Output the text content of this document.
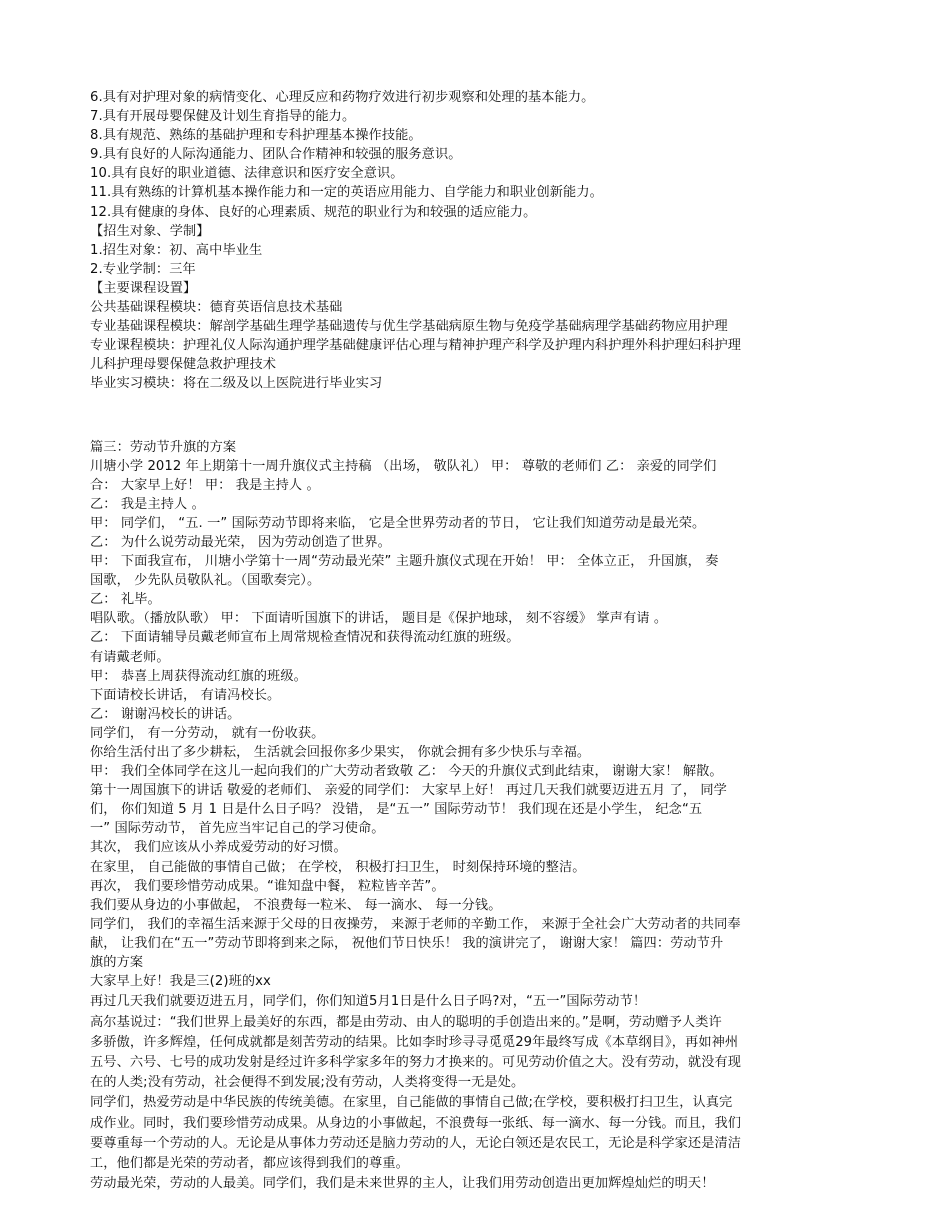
6.具有对护理对象的病情变化、心理反应和药物疗效进行初步观察和处理的基本能力。
7.具有开展母婴保健及计划生育指导的能力。
8.具有规范、熟练的基础护理和专科护理基本操作技能。
9.具有良好的人际沟通能力、团队合作精神和较强的服务意识。
10.具有良好的职业道德、法律意识和医疗安全意识。
11.具有熟练的计算机基本操作能力和一定的英语应用能力、自学能力和职业创新能力。
12.具有健康的身体、良好的心理素质、规范的职业行为和较强的适应能力。
【招生对象、学制】
1.招生对象：初、高中毕业生
2.专业学制：三年
【主要课程设置】
公共基础课程模块：德育英语信息技术基础
专业基础课程模块：解剖学基础生理学基础遗传与优生学基础病原生物与免疫学基础病理学基础药物应用护理
专业课程模块：护理礼仪人际沟通护理学基础健康评估心理与精神护理产科学及护理内科护理外科护理妇科护理
儿科护理母婴保健急救护理技术
毕业实习模块：将在二级及以上医院进行毕业实习
篇三：劳动节升旗的方案
川塘小学 2012 年上期第十一周升旗仪式主持稿 （出场， 敬队礼） 甲： 尊敬的老师们 乙： 亲爱的同学们
合： 大家早上好！ 甲： 我是主持人 。
乙： 我是主持人 。
甲： 同学们， “五. 一” 国际劳动节即将来临， 它是全世界劳动者的节日， 它让我们知道劳动是最光荣。
乙： 为什么说劳动最光荣， 因为劳动创造了世界。
甲： 下面我宣布， 川塘小学第十一周“劳动最光荣” 主题升旗仪式现在开始！ 甲： 全体立正， 升国旗， 奏
国歌， 少先队员敬队礼。（国歌奏完）。
乙： 礼毕。
唱队歌。（播放队歌） 甲： 下面请听国旗下的讲话， 题目是《保护地球， 刻不容缓》 掌声有请 。
乙： 下面请辅导员戴老师宣布上周常规检查情况和获得流动红旗的班级。
有请戴老师。
甲： 恭喜上周获得流动红旗的班级。
下面请校长讲话， 有请冯校长。
乙： 谢谢冯校长的讲话。
同学们， 有一分劳动， 就有一份收获。
你给生活付出了多少耕耘， 生活就会回报你多少果实， 你就会拥有多少快乐与幸福。
甲： 我们全体同学在这儿一起向我们的广大劳动者致敬 乙： 今天的升旗仪式到此结束， 谢谢大家！ 解散。
第十一周国旗下的讲话 敬爱的老师们、 亲爱的同学们： 大家早上好！ 再过几天我们就要迈进五月 了， 同学
们， 你们知道 5 月 1 日是什么日子吗？ 没错， 是“五一” 国际劳动节！ 我们现在还是小学生， 纪念“五
一” 国际劳动节， 首先应当牢记自己的学习使命。
其次， 我们应该从小养成爱劳动的好习惯。
在家里， 自己能做的事情自己做； 在学校， 积极打扫卫生， 时刻保持环境的整洁。
再次， 我们要珍惜劳动成果。“谁知盘中餐， 粒粒皆辛苦”。
我们要从身边的小事做起， 不浪费每一粒米、 每一滴水、 每一分钱。
同学们， 我们的幸福生活来源于父母的日夜操劳， 来源于老师的辛勤工作， 来源于全社会广大劳动者的共同奉
献， 让我们在“五一”劳动节即将到来之际， 祝他们节日快乐！ 我的演讲完了， 谢谢大家！ 篇四：劳动节升
旗的方案
大家早上好！我是三(2)班的xx
再过几天我们就要迈进五月，同学们，你们知道5月1日是什么日子吗?对，“五一”国际劳动节！
高尔基说过：“我们世界上最美好的东西，都是由劳动、由人的聪明的手创造出来的。”是啊，劳动赠予人类许
多骄傲，许多辉煌，任何成就都是刻苦劳动的结果。比如李时珍寻寻觅觅29年最终写成《本草纲目》，再如神州
五号、六号、七号的成功发射是经过许多科学家多年的努力才换来的。可见劳动价值之大。没有劳动，就没有现
在的人类;没有劳动，社会便得不到发展;没有劳动，人类将变得一无是处。
同学们，热爱劳动是中华民族的传统美德。在家里，自己能做的事情自己做;在学校，要积极打扫卫生，认真完
成作业。同时，我们要珍惜劳动成果。从身边的小事做起，不浪费每一张纸、每一滴水、每一分钱。而且，我们
要尊重每一个劳动的人。无论是从事体力劳动还是脑力劳动的人，无论白领还是农民工，无论是科学家还是清洁
工，他们都是光荣的劳动者，都应该得到我们的尊重。
劳动最光荣，劳动的人最美。同学们，我们是未来世界的主人，让我们用劳动创造出更加辉煌灿烂的明天！
